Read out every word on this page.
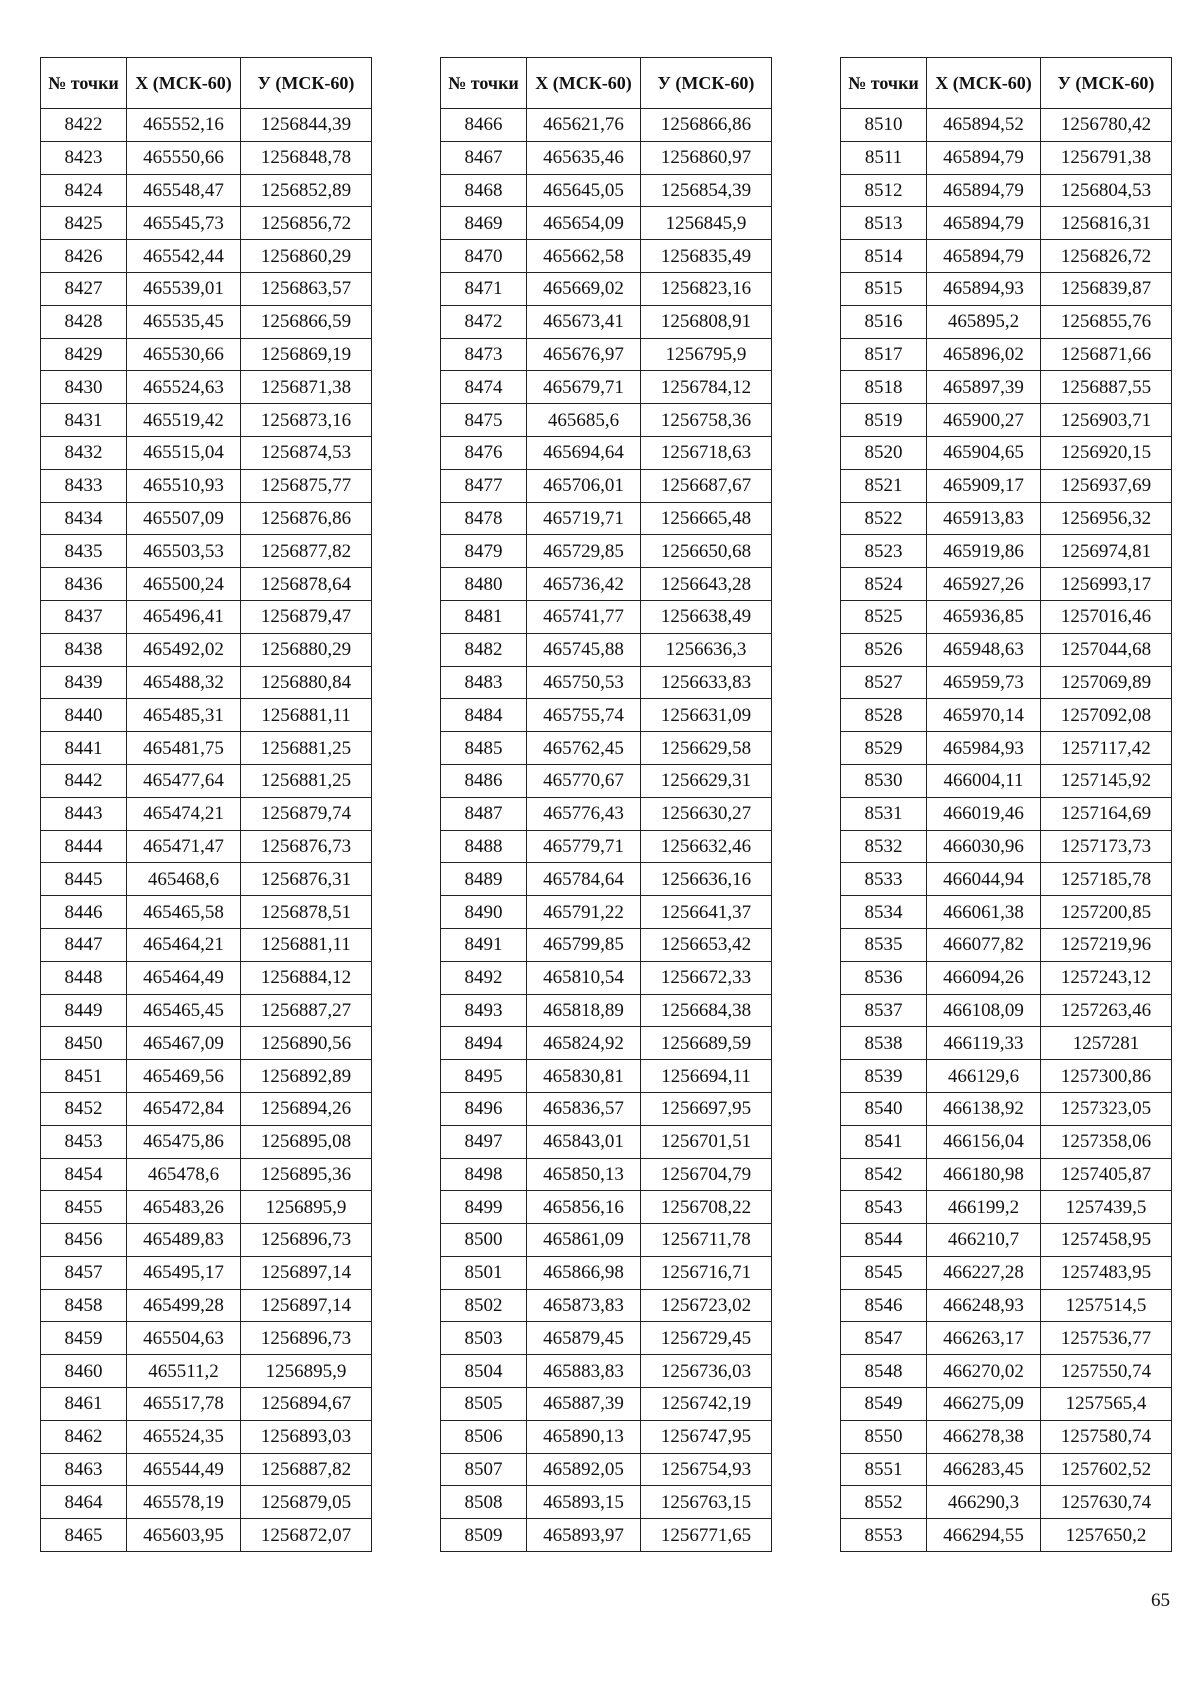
№ точки	Х (МСК-60)	У (МСК-60)
8422	465552,16	1256844,39
8423	465550,66	1256848,78
8424	465548,47	1256852,89
8425	465545,73	1256856,72
8426	465542,44	1256860,29
8427	465539,01	1256863,57
8428	465535,45	1256866,59
8429	465530,66	1256869,19
8430	465524,63	1256871,38
8431	465519,42	1256873,16
8432	465515,04	1256874,53
8433	465510,93	1256875,77
8434	465507,09	1256876,86
8435	465503,53	1256877,82
8436	465500,24	1256878,64
8437	465496,41	1256879,47
8438	465492,02	1256880,29
8439	465488,32	1256880,84
8440	465485,31	1256881,11
8441	465481,75	1256881,25
8442	465477,64	1256881,25
8443	465474,21	1256879,74
8444	465471,47	1256876,73
8445	465468,6	1256876,31
8446	465465,58	1256878,51
8447	465464,21	1256881,11
8448	465464,49	1256884,12
8449	465465,45	1256887,27
8450	465467,09	1256890,56
8451	465469,56	1256892,89
8452	465472,84	1256894,26
8453	465475,86	1256895,08
8454	465478,6	1256895,36
8455	465483,26	1256895,9
8456	465489,83	1256896,73
8457	465495,17	1256897,14
8458	465499,28	1256897,14
8459	465504,63	1256896,73
8460	465511,2	1256895,9
8461	465517,78	1256894,67
8462	465524,35	1256893,03
8463	465544,49	1256887,82
8464	465578,19	1256879,05
8465	465603,95	1256872,07
№ точки	Х (МСК-60)	У (МСК-60)
8466	465621,76	1256866,86
8467	465635,46	1256860,97
8468	465645,05	1256854,39
8469	465654,09	1256845,9
8470	465662,58	1256835,49
8471	465669,02	1256823,16
8472	465673,41	1256808,91
8473	465676,97	1256795,9
8474	465679,71	1256784,12
8475	465685,6	1256758,36
8476	465694,64	1256718,63
8477	465706,01	1256687,67
8478	465719,71	1256665,48
8479	465729,85	1256650,68
8480	465736,42	1256643,28
8481	465741,77	1256638,49
8482	465745,88	1256636,3
8483	465750,53	1256633,83
8484	465755,74	1256631,09
8485	465762,45	1256629,58
8486	465770,67	1256629,31
8487	465776,43	1256630,27
8488	465779,71	1256632,46
8489	465784,64	1256636,16
8490	465791,22	1256641,37
8491	465799,85	1256653,42
8492	465810,54	1256672,33
8493	465818,89	1256684,38
8494	465824,92	1256689,59
8495	465830,81	1256694,11
8496	465836,57	1256697,95
8497	465843,01	1256701,51
8498	465850,13	1256704,79
8499	465856,16	1256708,22
8500	465861,09	1256711,78
8501	465866,98	1256716,71
8502	465873,83	1256723,02
8503	465879,45	1256729,45
8504	465883,83	1256736,03
8505	465887,39	1256742,19
8506	465890,13	1256747,95
8507	465892,05	1256754,93
8508	465893,15	1256763,15
8509	465893,97	1256771,65
№ точки	Х (МСК-60)	У (МСК-60)
8510	465894,52	1256780,42
8511	465894,79	1256791,38
8512	465894,79	1256804,53
8513	465894,79	1256816,31
8514	465894,79	1256826,72
8515	465894,93	1256839,87
8516	465895,2	1256855,76
8517	465896,02	1256871,66
8518	465897,39	1256887,55
8519	465900,27	1256903,71
8520	465904,65	1256920,15
8521	465909,17	1256937,69
8522	465913,83	1256956,32
8523	465919,86	1256974,81
8524	465927,26	1256993,17
8525	465936,85	1257016,46
8526	465948,63	1257044,68
8527	465959,73	1257069,89
8528	465970,14	1257092,08
8529	465984,93	1257117,42
8530	466004,11	1257145,92
8531	466019,46	1257164,69
8532	466030,96	1257173,73
8533	466044,94	1257185,78
8534	466061,38	1257200,85
8535	466077,82	1257219,96
8536	466094,26	1257243,12
8537	466108,09	1257263,46
8538	466119,33	1257281
8539	466129,6	1257300,86
8540	466138,92	1257323,05
8541	466156,04	1257358,06
8542	466180,98	1257405,87
8543	466199,2	1257439,5
8544	466210,7	1257458,95
8545	466227,28	1257483,95
8546	466248,93	1257514,5
8547	466263,17	1257536,77
8548	466270,02	1257550,74
8549	466275,09	1257565,4
8550	466278,38	1257580,74
8551	466283,45	1257602,52
8552	466290,3	1257630,74
8553	466294,55	1257650,2
65
